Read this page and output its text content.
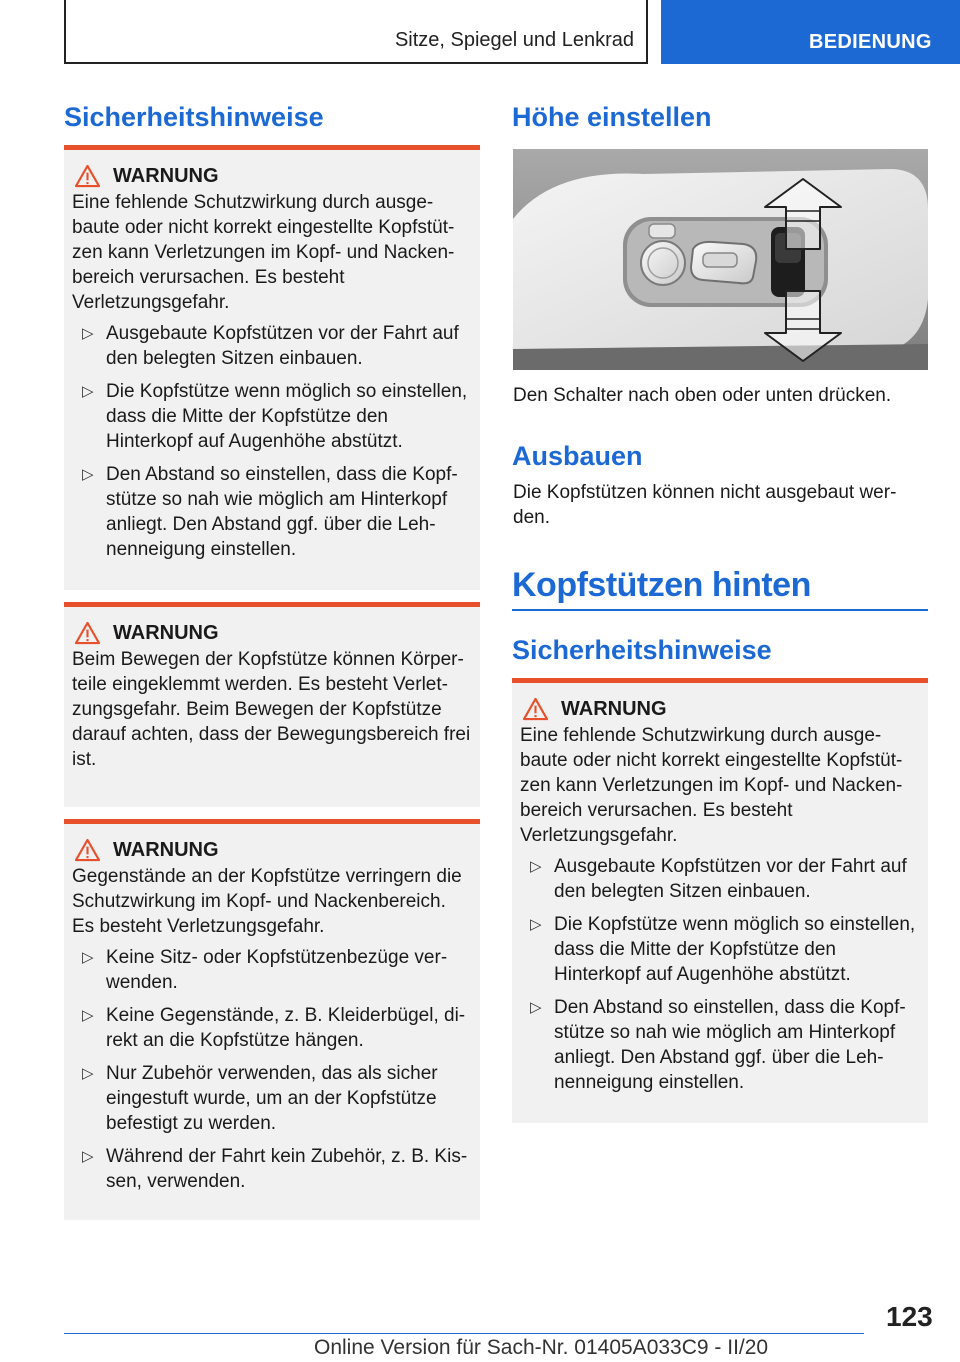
Sitze, Spiegel und Lenkrad	BEDIENUNG
Sicherheitshinweise
WARNUNG

Eine fehlende Schutzwirkung durch ausgebaute oder nicht korrekt eingestellte Kopfstützen kann Verletzungen im Kopf- und Nackenbereich verursachen. Es besteht Verletzungsgefahr.

▷ Ausgebaute Kopfstützen vor der Fahrt auf den belegten Sitzen einbauen.
▷ Die Kopfstütze wenn möglich so einstellen, dass die Mitte der Kopfstütze den Hinterkopf auf Augenhöhe abstützt.
▷ Den Abstand so einstellen, dass die Kopfstütze so nah wie möglich am Hinterkopf anliegt. Den Abstand ggf. über die Lehnenneigung einstellen.
WARNUNG

Beim Bewegen der Kopfstütze können Körperteile eingeklemmt werden. Es besteht Verletzungsgefahr. Beim Bewegen der Kopfstütze darauf achten, dass der Bewegungsbereich frei ist.

WARNUNG

Gegenstände an der Kopfstütze verringern die Schutzwirkung im Kopf- und Nackenbereich. Es besteht Verletzungsgefahr.

▷ Keine Sitz- oder Kopfstützenbezüge verwenden.
▷ Keine Gegenstände, z. B. Kleiderbügel, direkt an die Kopfstütze hängen.
▷ Nur Zubehör verwenden, das als sicher eingestuft wurde, um an der Kopfstütze befestigt zu werden.
▷ Während der Fahrt kein Zubehör, z. B. Kissen, verwenden.
Höhe einstellen
Den Schalter nach oben oder unten drücken.
Ausbauen
Die Kopfstützen können nicht ausgebaut werden.
Kopfstützen hinten
Sicherheitshinweise
WARNUNG

Eine fehlende Schutzwirkung durch ausgebaute oder nicht korrekt eingestellte Kopfstützen kann Verletzungen im Kopf- und Nackenbereich verursachen. Es besteht Verletzungsgefahr.

▷ Ausgebaute Kopfstützen vor der Fahrt auf den belegten Sitzen einbauen.
▷ Die Kopfstütze wenn möglich so einstellen, dass die Mitte der Kopfstütze den Hinterkopf auf Augenhöhe abstützt.
▷ Den Abstand so einstellen, dass die Kopfstütze so nah wie möglich am Hinterkopf anliegt. Den Abstand ggf. über die Lehnenneigung einstellen.
123
Online Version für Sach-Nr. 01405A033C9 - II/20
